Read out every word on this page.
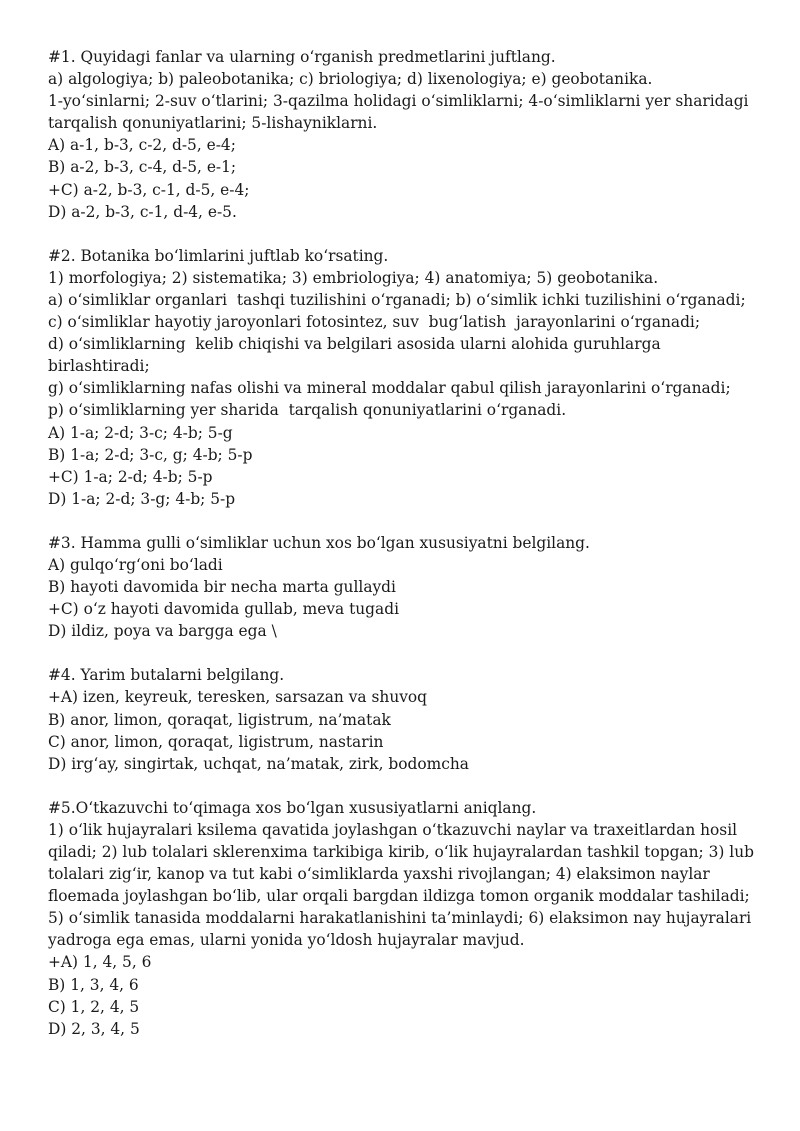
#1. Quyidagi fanlar va ularning o‘rganish predmetlarini juftlang.
a) algologiya; b) paleobotanika; c) briologiya; d) lixenologiya; e) geobotanika.
1-yo‘sinlarni; 2-suv o‘tlarini; 3-qazilma holidagi o‘simliklarni; 4-o‘simliklarni yer sharidagi
tarqalish qonuniyatlarini; 5-lishayniklarni.
A) a-1, b-3, c-2, d-5, e-4;
B) a-2, b-3, c-4, d-5, e-1;
+C) a-2, b-3, c-1, d-5, e-4;
D) a-2, b-3, c-1, d-4, e-5.
#2. Botanika bo‘limlarini juftlab ko‘rsating.
1) morfologiya; 2) sistematika; 3) embriologiya; 4) anatomiya; 5) geobotanika.
a) o‘simliklar organlari  tashqi tuzilishini o‘rganadi; b) o‘simlik ichki tuzilishini o‘rganadi;
c) o‘simliklar hayotiy jaroyonlari fotosintez, suv  bug‘latish  jarayonlarini o‘rganadi;
d) o‘simliklarning  kelib chiqishi va belgilari asosida ularni alohida guruhlarga
birlashtiradi;
g) o‘simliklarning nafas olishi va mineral moddalar qabul qilish jarayonlarini o‘rganadi;
p) o‘simliklarning yer sharida  tarqalish qonuniyatlarini o‘rganadi.
A) 1-a; 2-d; 3-c; 4-b; 5-g
B) 1-a; 2-d; 3-c, g; 4-b; 5-p
+C) 1-a; 2-d; 4-b; 5-p
D) 1-a; 2-d; 3-g; 4-b; 5-p
#3. Hamma gulli o‘simliklar uchun xos bo‘lgan xususiyatni belgilang.
A) gulqo‘rg‘oni bo‘ladi
B) hayoti davomida bir necha marta gullaydi
+C) o‘z hayoti davomida gullab, meva tugadi
D) ildiz, poya va bargga ega \
#4. Yarim butalarni belgilang.
+A) izen, keyreuk, teresken, sarsazan va shuvoq
B) anor, limon, qoraqat, ligistrum, na’matak
C) anor, limon, qoraqat, ligistrum, nastarin
D) irg‘ay, singirtak, uchqat, na’matak, zirk, bodomcha
#5.O‘tkazuvchi to‘qimaga xos bo‘lgan xususiyatlarni aniqlang.
1) o‘lik hujayralari ksilema qavatida joylashgan o‘tkazuvchi naylar va traxeitlardan hosil
qiladi; 2) lub tolalari sklerenxima tarkibiga kirib, o‘lik hujayralardan tashkil topgan; 3) lub
tolalari zig‘ir, kanop va tut kabi o‘simliklarda yaxshi rivojlangan; 4) elaksimon naylar
floemada joylashgan bo‘lib, ular orqali bargdan ildizga tomon organik moddalar tashiladi;
5) o‘simlik tanasida moddalarni harakatlanishini ta’minlaydi; 6) elaksimon nay hujayralari
yadroga ega emas, ularni yonida yo‘ldosh hujayralar mavjud.
+A) 1, 4, 5, 6
B) 1, 3, 4, 6
C) 1, 2, 4, 5
D) 2, 3, 4, 5
